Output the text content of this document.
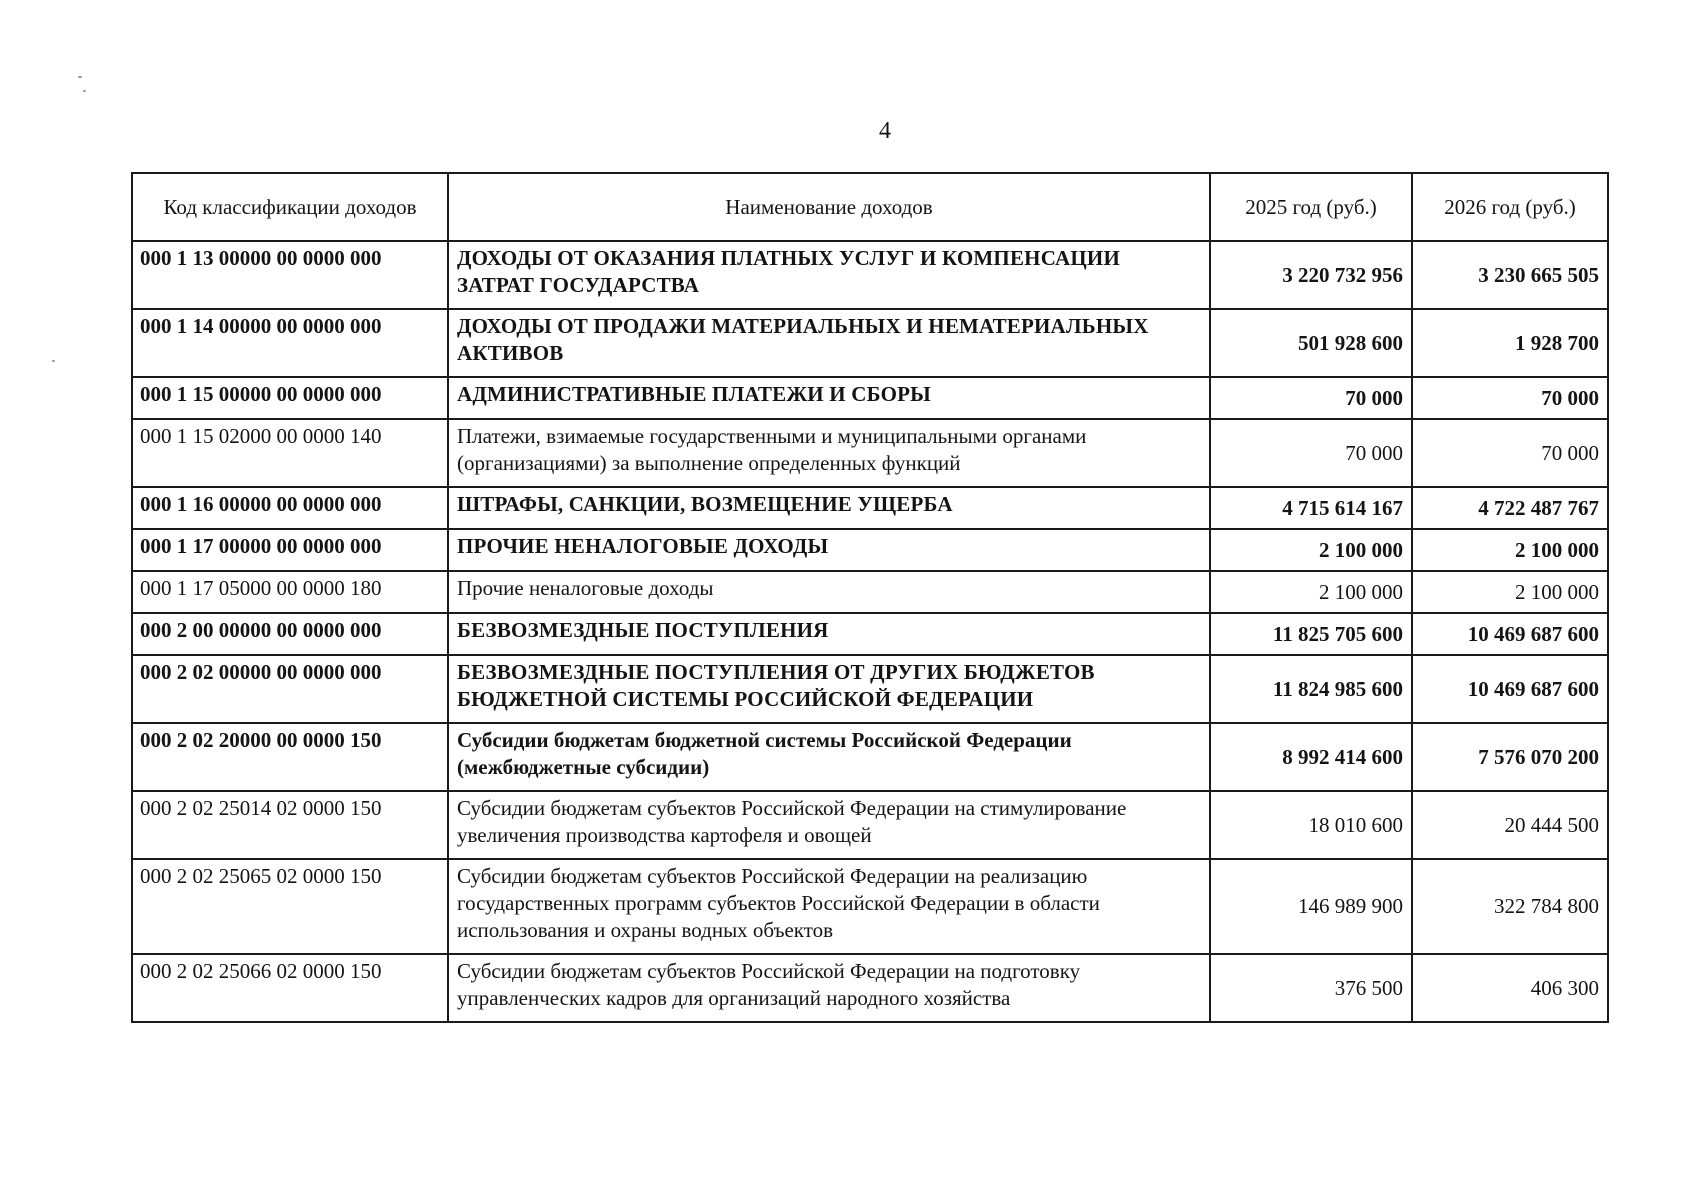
4
Код классификации доходов	Наименование доходов	2025 год (руб.)	2026 год (руб.)
000 1 13 00000 00 0000 000	ДОХОДЫ ОТ ОКАЗАНИЯ ПЛАТНЫХ УСЛУГ И КОМПЕНСАЦИИ ЗАТРАТ ГОСУДАРСТВА	3 220 732 956	3 230 665 505
000 1 14 00000 00 0000 000	ДОХОДЫ ОТ ПРОДАЖИ МАТЕРИАЛЬНЫХ И НЕМАТЕРИАЛЬНЫХ АКТИВОВ	501 928 600	1 928 700
000 1 15 00000 00 0000 000	АДМИНИСТРАТИВНЫЕ ПЛАТЕЖИ И СБОРЫ	70 000	70 000
000 1 15 02000 00 0000 140	Платежи, взимаемые государственными и муниципальными органами (организациями) за выполнение определенных функций	70 000	70 000
000 1 16 00000 00 0000 000	ШТРАФЫ, САНКЦИИ, ВОЗМЕЩЕНИЕ УЩЕРБА	4 715 614 167	4 722 487 767
000 1 17 00000 00 0000 000	ПРОЧИЕ НЕНАЛОГОВЫЕ ДОХОДЫ	2 100 000	2 100 000
000 1 17 05000 00 0000 180	Прочие неналоговые доходы	2 100 000	2 100 000
000 2 00 00000 00 0000 000	БЕЗВОЗМЕЗДНЫЕ ПОСТУПЛЕНИЯ	11 825 705 600	10 469 687 600
000 2 02 00000 00 0000 000	БЕЗВОЗМЕЗДНЫЕ ПОСТУПЛЕНИЯ ОТ ДРУГИХ БЮДЖЕТОВ БЮДЖЕТНОЙ СИСТЕМЫ РОССИЙСКОЙ ФЕДЕРАЦИИ	11 824 985 600	10 469 687 600
000 2 02 20000 00 0000 150	Субсидии бюджетам бюджетной системы Российской Федерации (межбюджетные субсидии)	8 992 414 600	7 576 070 200
000 2 02 25014 02 0000 150	Субсидии бюджетам субъектов Российской Федерации на стимулирование увеличения производства картофеля и овощей	18 010 600	20 444 500
000 2 02 25065 02 0000 150	Субсидии бюджетам субъектов Российской Федерации на реализацию государственных программ субъектов Российской Федерации в области использования и охраны водных объектов	146 989 900	322 784 800
000 2 02 25066 02 0000 150	Субсидии бюджетам субъектов Российской Федерации на подготовку управленческих кадров для организаций народного хозяйства	376 500	406 300
